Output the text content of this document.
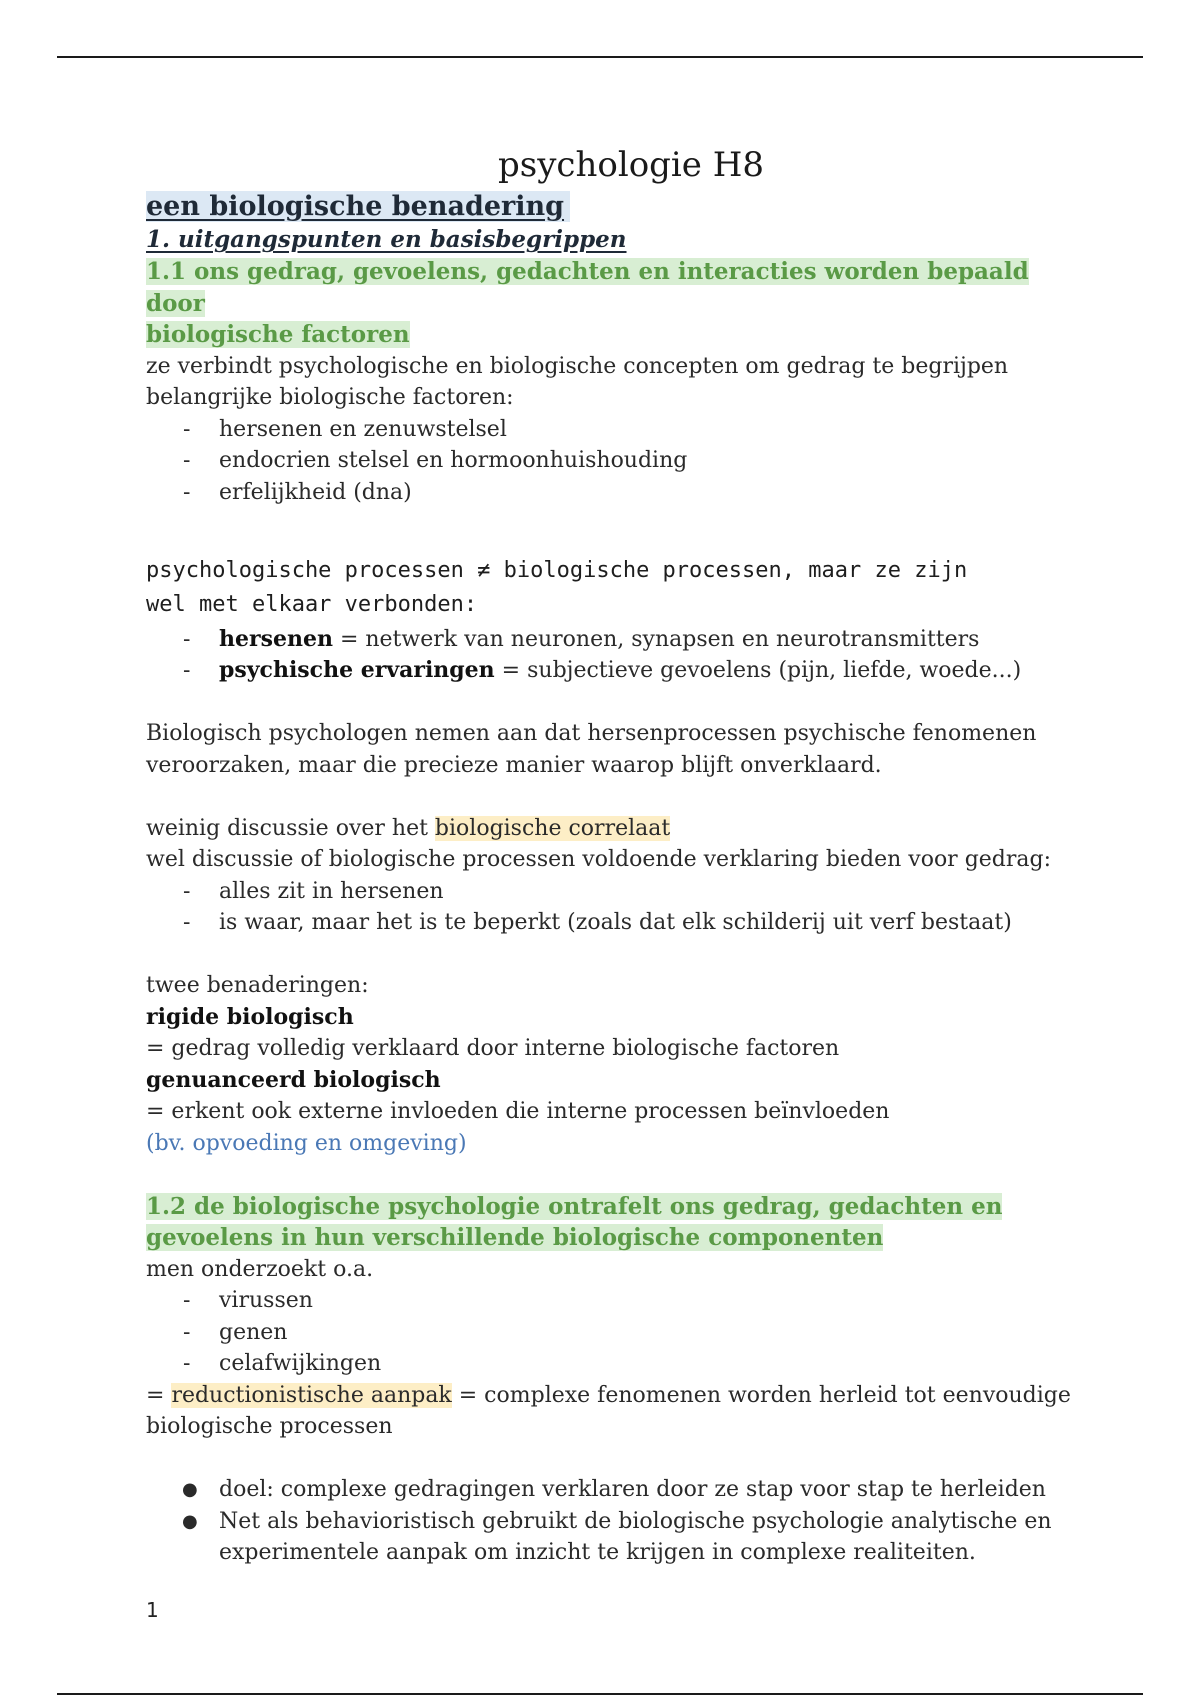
psychologie H8
een biologische benadering
1. uitgangspunten en basisbegrippen
1.1 ons gedrag, gevoelens, gedachten en interacties worden bepaald door
biologische factoren
ze verbindt psychologische en biologische concepten om gedrag te begrijpen
belangrijke biologische factoren:
- hersenen en zenuwstelsel
- endocrien stelsel en hormoonhuishouding
- erfelijkheid (dna)
psychologische processen ≠ biologische processen, maar ze zijn
wel met elkaar verbonden:
- hersenen = netwerk van neuronen, synapsen en neurotransmitters
- psychische ervaringen = subjectieve gevoelens (pijn, liefde, woede...)
Biologisch psychologen nemen aan dat hersenprocessen psychische fenomenen
veroorzaken, maar die precieze manier waarop blijft onverklaard.
weinig discussie over het biologische correlaat
wel discussie of biologische processen voldoende verklaring bieden voor gedrag:
- alles zit in hersenen
- is waar, maar het is te beperkt (zoals dat elk schilderij uit verf bestaat)
twee benaderingen:
rigide biologisch
= gedrag volledig verklaard door interne biologische factoren
genuanceerd biologisch
= erkent ook externe invloeden die interne processen beïnvloeden
(bv. opvoeding en omgeving)
1.2 de biologische psychologie ontrafelt ons gedrag, gedachten en
gevoelens in hun verschillende biologische componenten
men onderzoekt o.a.
- virussen
- genen
- celafwijkingen
= reductionistische aanpak = complexe fenomenen worden herleid tot eenvoudige
biologische processen
● doel: complexe gedragingen verklaren door ze stap voor stap te herleiden
● Net als behavioristisch gebruikt de biologische psychologie analytische en
experimentele aanpak om inzicht te krijgen in complexe realiteiten.
1
